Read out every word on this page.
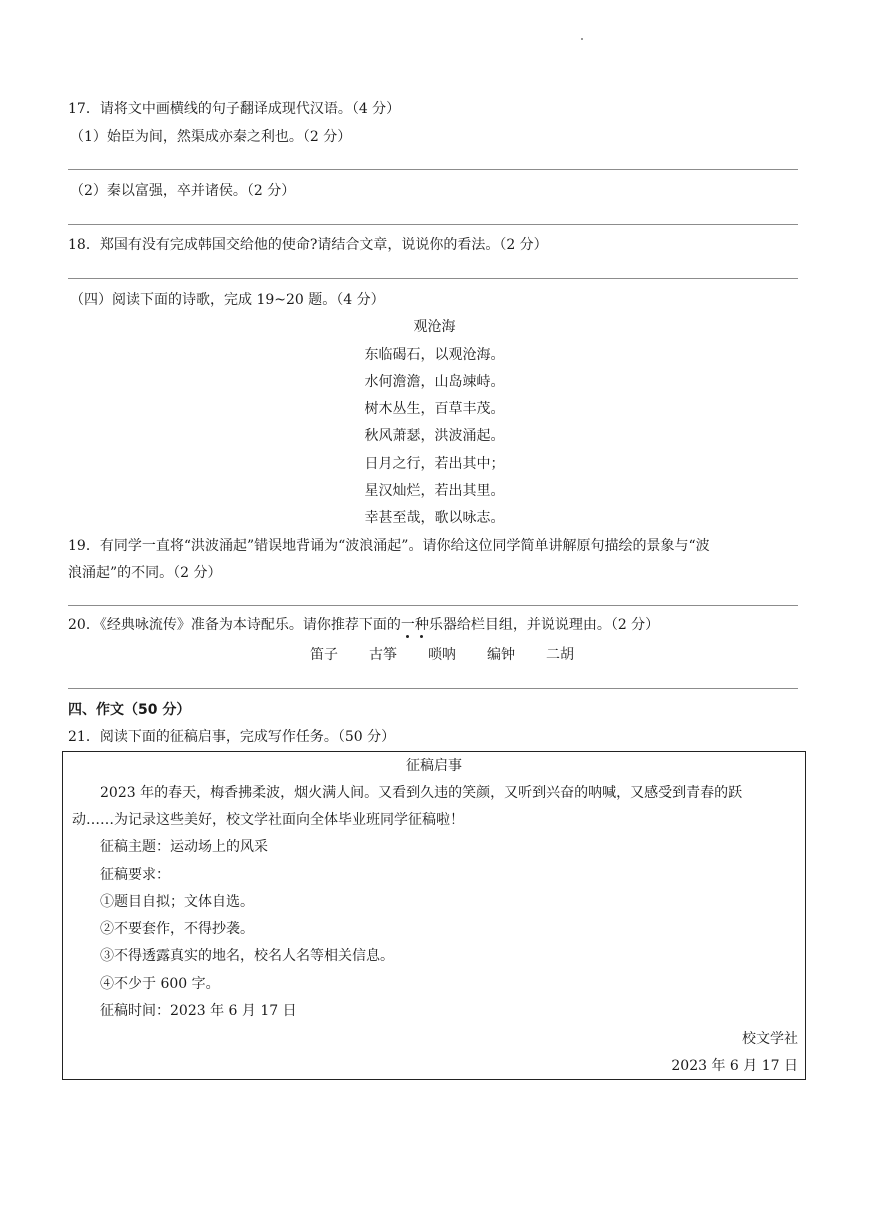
17．请将文中画横线的句子翻译成现代汉语。（4 分）
（1）始臣为间，然渠成亦秦之利也。（2 分）
（2）秦以富强，卒并诸侯。（2 分）
18．郑国有没有完成韩国交给他的使命?请结合文章，说说你的看法。（2 分）
（四）阅读下面的诗歌，完成 19~20 题。（4 分）
观沧海
东临碣石，以观沧海。
水何澹澹，山岛竦峙。
树木丛生，百草丰茂。
秋风萧瑟，洪波涌起。
日月之行，若出其中；
星汉灿烂，若出其里。
幸甚至哉，歌以咏志。
19．有同学一直将“洪波涌起”错误地背诵为“波浪涌起”。请你给这位同学简单讲解原句描绘的景象与“波
浪涌起”的不同。（2 分）
20．《经典咏流传》准备为本诗配乐。请你推荐下面的一种乐器给栏目组，并说说理由。（2 分）
笛子 古筝 唢呐 编钟 二胡
四、作文（50 分）
21．阅读下面的征稿启事，完成写作任务。（50 分）
征稿启事
2023 年的春天，梅香拂柔波，烟火满人间。又看到久违的笑颜，又听到兴奋的呐喊，又感受到青春的跃
动……为记录这些美好，校文学社面向全体毕业班同学征稿啦！
征稿主题：运动场上的风采
征稿要求：
①题目自拟；文体自选。
②不要套作，不得抄袭。
③不得透露真实的地名，校名人名等相关信息。
④不少于 600 字。
征稿时间：2023 年 6 月 17 日
校文学社
2023 年 6 月 17 日
